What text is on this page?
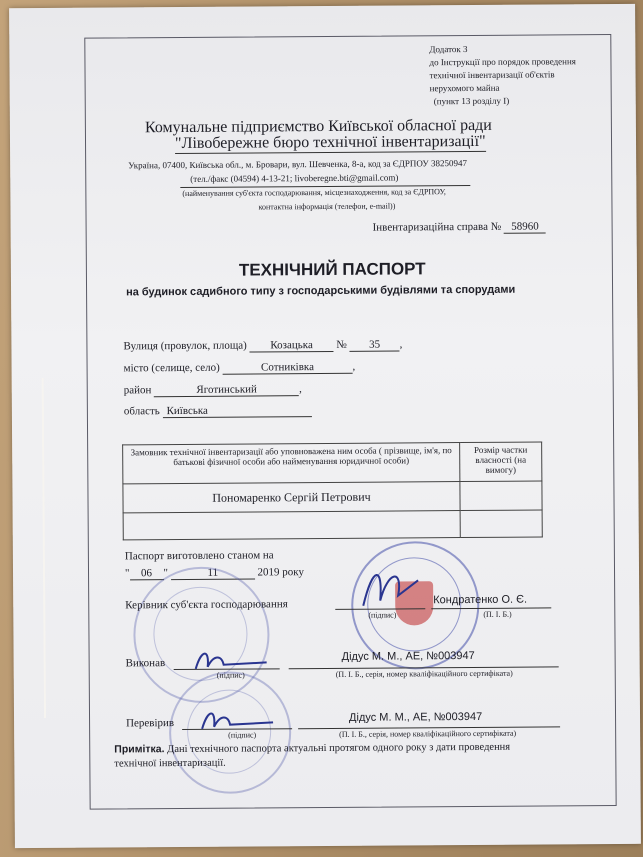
Додаток 3
до Інструкції про порядок проведення
технічної інвентаризації об'єктів
нерухомого майна
(пункт 13 розділу І)
Комунальне підприємство Київської обласної ради
"Лівобережне бюро технічної інвентаризації"
Україна, 07400, Київська обл., м. Бровари, вул. Шевченка, 8-а, код за ЄДРПОУ 38250947
(тел./факс (04594) 4-13-21; livoberegne.bti@gmail.com)
(найменування суб'єкта господарювання, місцезнаходження, код за ЄДРПОУ,
контактна інформація (телефон, e-mail))
Інвентаризаційна справа № 58960
ТЕХНІЧНИЙ ПАСПОРТ
на будинок садибного типу з господарськими будівлями та спорудами
Вулиця (провулок, площа) Козацька № 35 ,
місто (селище, село)	Сотниківка	,
район	Яготинський	,
область Київська
Замовник технічної інвентаризації або уповноважена ним особа ( прізвище, ім'я, по батькові фізичної особи або найменування юридичної особи)	Розмір частки власності (на вимогу)
Пономаренко Сергій Петрович	

Паспорт виготовлено станом на
" 06 "	11	2019 року
Керівник суб'єкта господарювання
(підпис)
Кондратенко О. Є.
(П. І. Б.)
Виконав
(підпис)
Дідус М. М., АЕ, №003947
(П. І. Б., серія, номер кваліфікаційного сертифіката)
Перевірив
(підпис)
Дідус М. М., АЕ, №003947
(П. І. Б., серія, номер кваліфікаційного сертифіката)
Примітка. Дані технічного паспорта актуальні протягом одного року з дати проведення
технічної інвентаризації.
